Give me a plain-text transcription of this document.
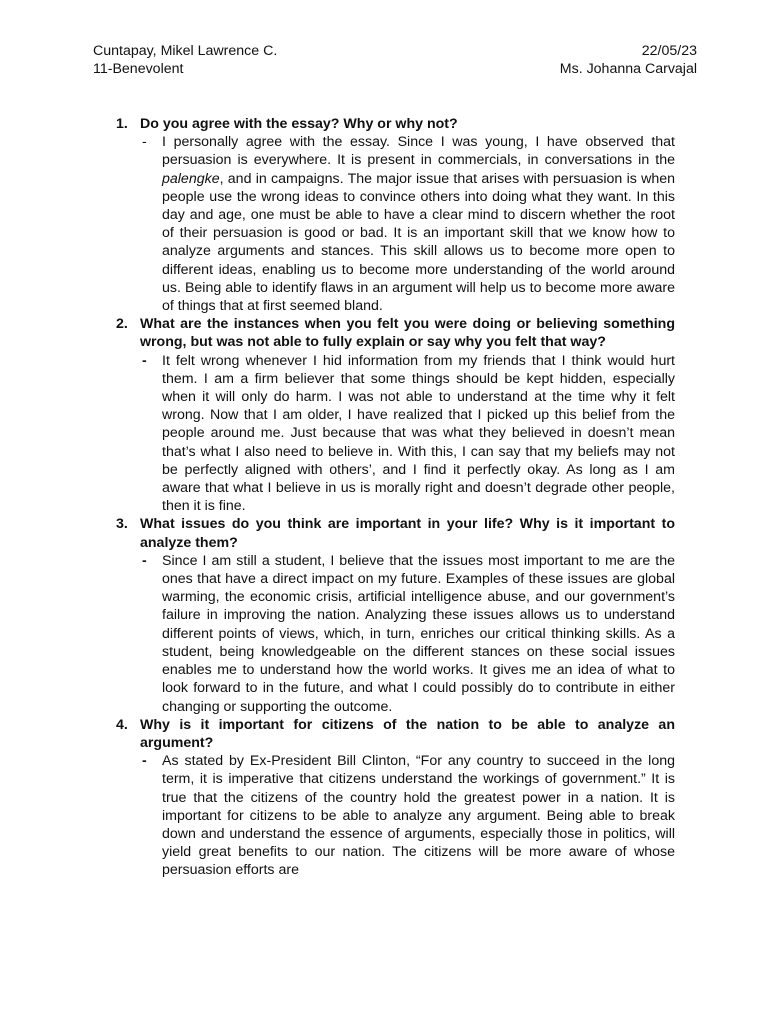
Cuntapay, Mikel Lawrence C.	22/05/23
11-Benevolent	Ms. Johanna Carvajal
1. Do you agree with the essay? Why or why not?
-	I personally agree with the essay. Since I was young, I have observed that persuasion is everywhere. It is present in commercials, in conversations in the palengke, and in campaigns. The major issue that arises with persuasion is when people use the wrong ideas to convince others into doing what they want. In this day and age, one must be able to have a clear mind to discern whether the root of their persuasion is good or bad. It is an important skill that we know how to analyze arguments and stances. This skill allows us to become more open to different ideas, enabling us to become more understanding of the world around us. Being able to identify flaws in an argument will help us to become more aware of things that at first seemed bland.
2. What are the instances when you felt you were doing or believing something wrong, but was not able to fully explain or say why you felt that way?
-	It felt wrong whenever I hid information from my friends that I think would hurt them. I am a firm believer that some things should be kept hidden, especially when it will only do harm. I was not able to understand at the time why it felt wrong. Now that I am older, I have realized that I picked up this belief from the people around me. Just because that was what they believed in doesn’t mean that’s what I also need to believe in. With this, I can say that my beliefs may not be perfectly aligned with others’, and I find it perfectly okay. As long as I am aware that what I believe in us is morally right and doesn’t degrade other people, then it is fine.
3. What issues do you think are important in your life? Why is it important to analyze them?
-	Since I am still a student, I believe that the issues most important to me are the ones that have a direct impact on my future. Examples of these issues are global warming, the economic crisis, artificial intelligence abuse, and our government’s failure in improving the nation. Analyzing these issues allows us to understand different points of views, which, in turn, enriches our critical thinking skills. As a student, being knowledgeable on the different stances on these social issues enables me to understand how the world works. It gives me an idea of what to look forward to in the future, and what I could possibly do to contribute in either changing or supporting the outcome.
4. Why is it important for citizens of the nation to be able to analyze an argument?
-	As stated by Ex-President Bill Clinton, “For any country to succeed in the long term, it is imperative that citizens understand the workings of government.” It is true that the citizens of the country hold the greatest power in a nation. It is important for citizens to be able to analyze any argument. Being able to break down and understand the essence of arguments, especially those in politics, will yield great benefits to our nation. The citizens will be more aware of whose persuasion efforts are
